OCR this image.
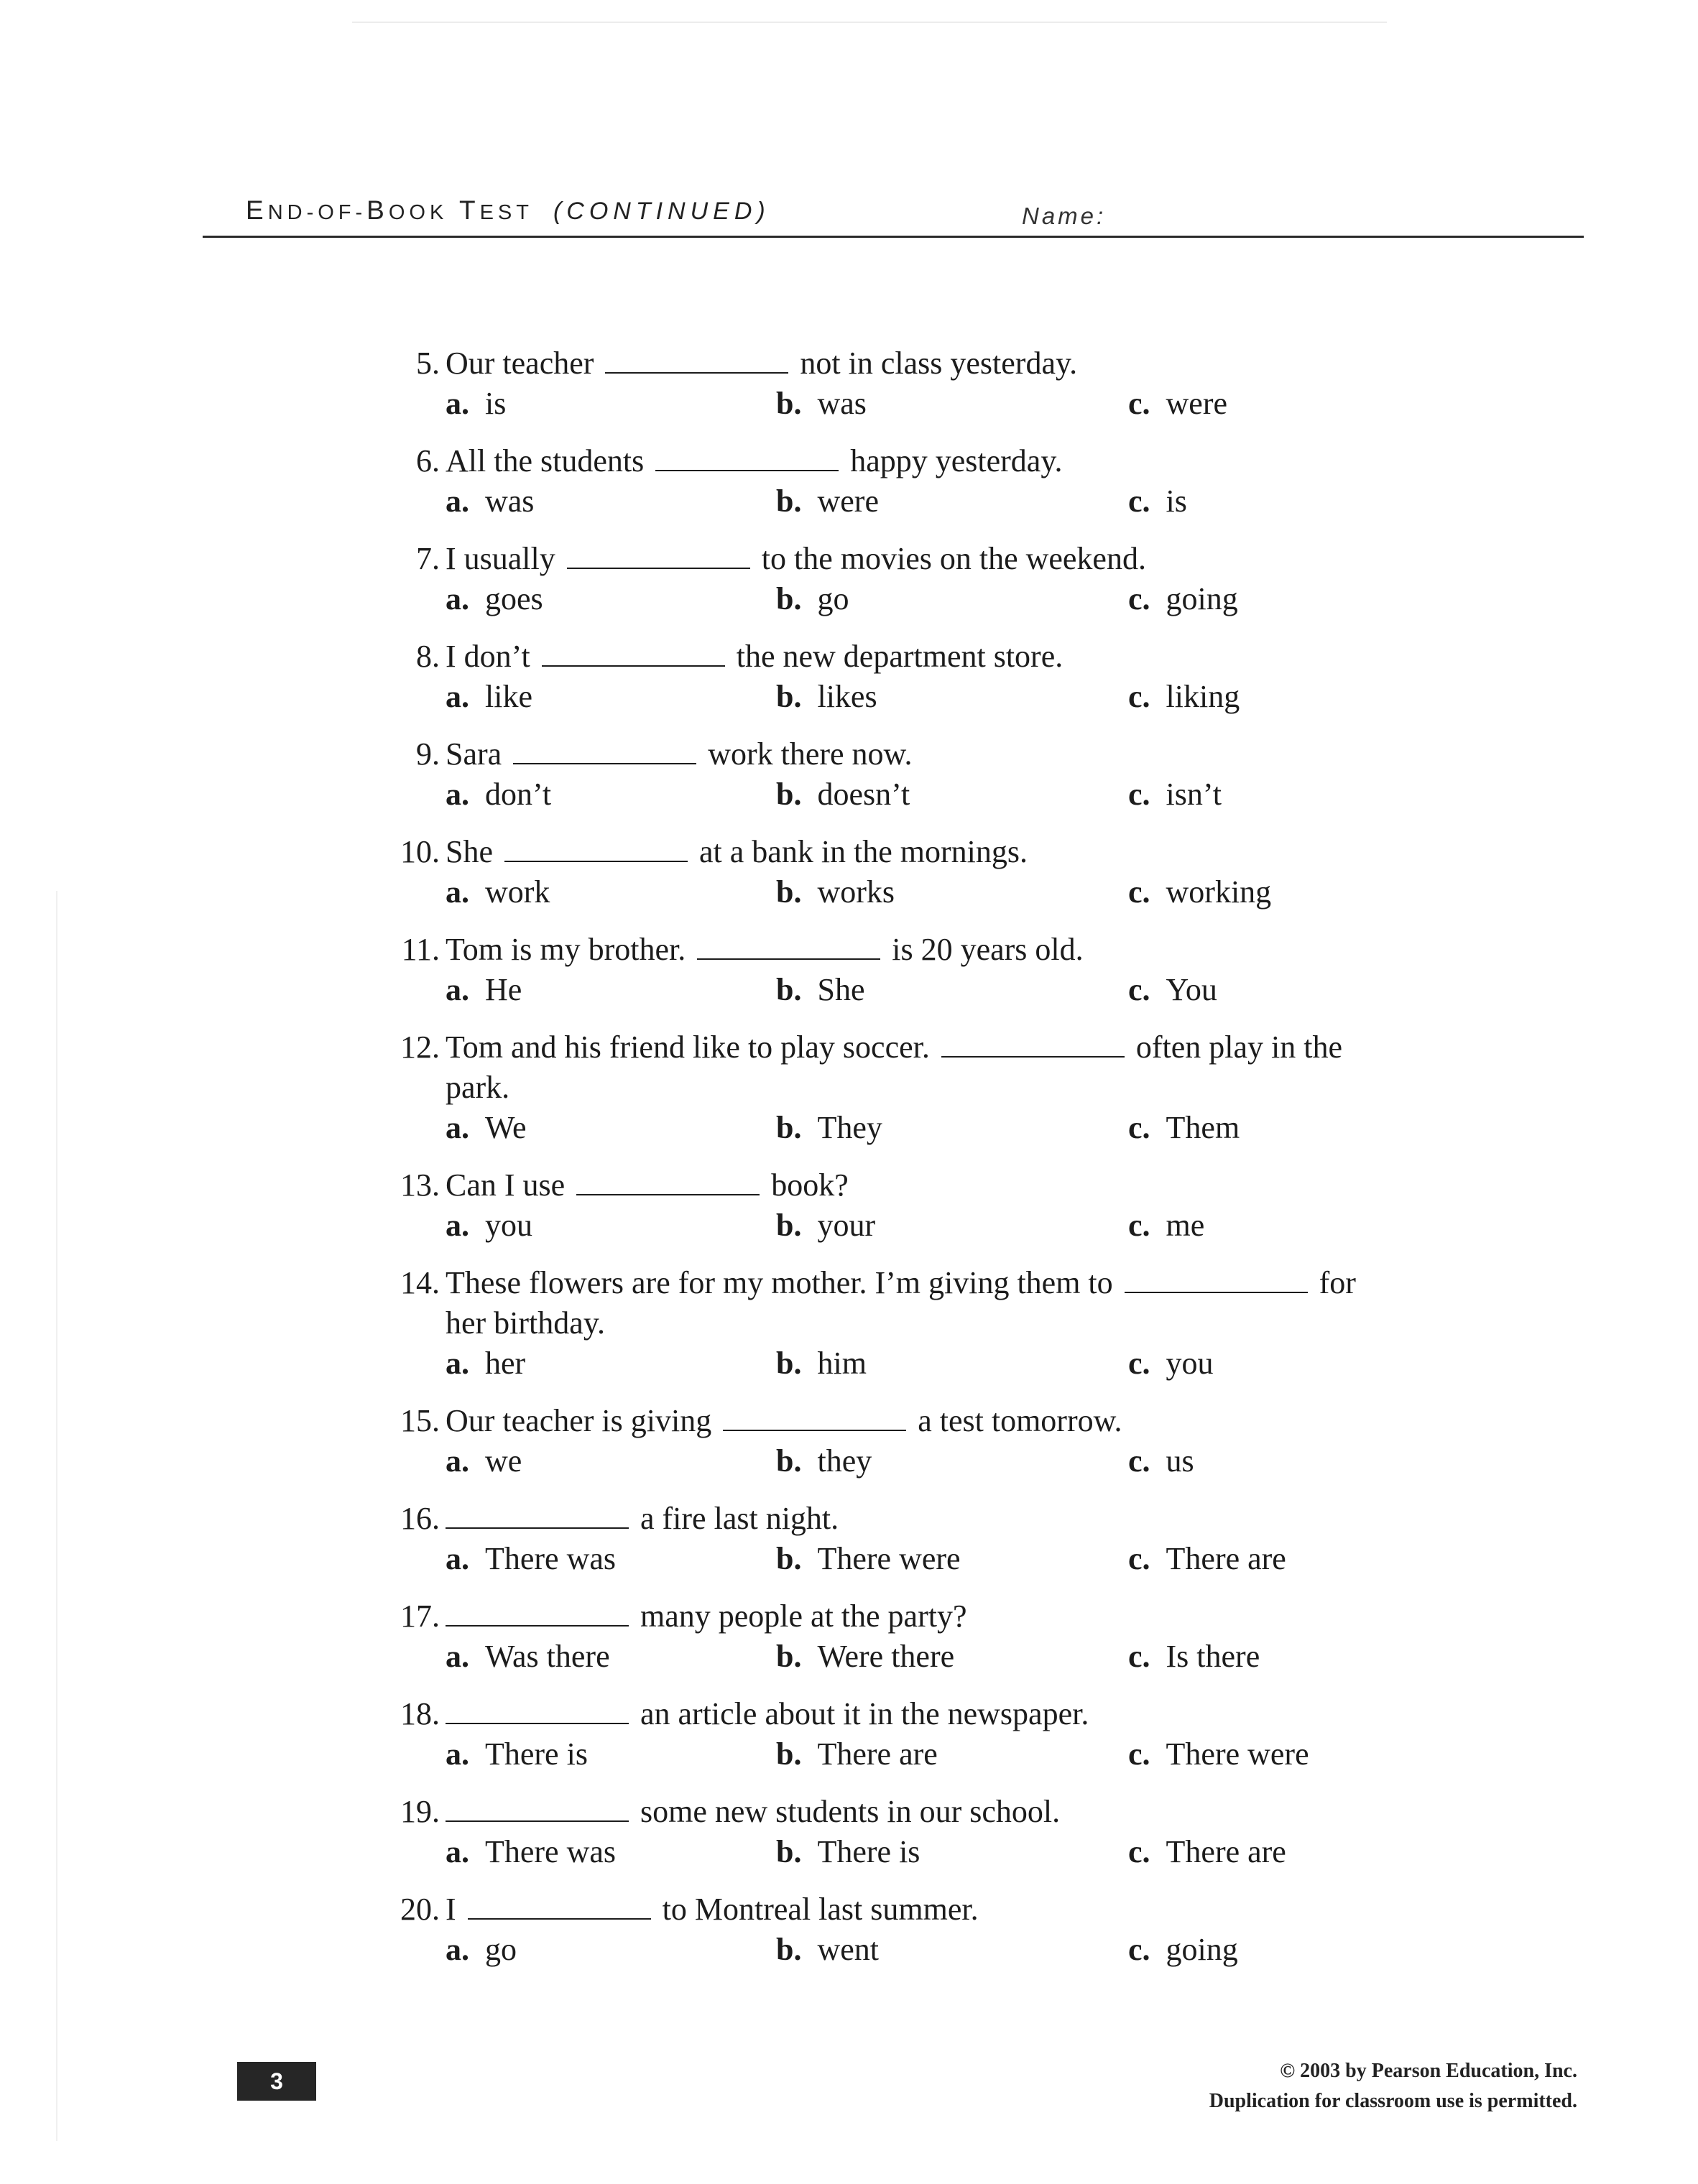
END-OF-BOOK TEST (CONTINUED)	Name:
5. Our teacher	not in class yesterday.
a. is	b. was	c. were
6. All the students	happy yesterday.
a. was	b. were	c. is
7. I usually	to the movies on the weekend.
a. goes	b. go	c. going
8. I don’t	the new department store.
a. like	b. likes	c. liking
9. Sara	work there now.
a. don’t	b. doesn’t	c. isn’t
10. She	at a bank in the mornings.
a. work	b. works	c. working
11. Tom is my brother.	is 20 years old.
a. He	b. She	c. You
12. Tom and his friend like to play soccer.	often play in the
park.
a. We	b. They	c. Them
13. Can I use	book?
a. you	b. your	c. me
14. These flowers are for my mother. I’m giving them to	for
her birthday.
a. her	b. him	c. you
15. Our teacher is giving	a test tomorrow.
a. we	b. they	c. us
16.	a fire last night.
a. There was	b. There were	c. There are
17.	many people at the party?
a. Was there	b. Were there	c. Is there
18.	an article about it in the newspaper.
a. There is	b. There are	c. There were
19.	some new students in our school.
a. There was	b. There is	c. There are
20. I	to Montreal last summer.
a. go	b. went	c. going
3	© 2003 by Pearson Education, Inc.
Duplication for classroom use is permitted.
